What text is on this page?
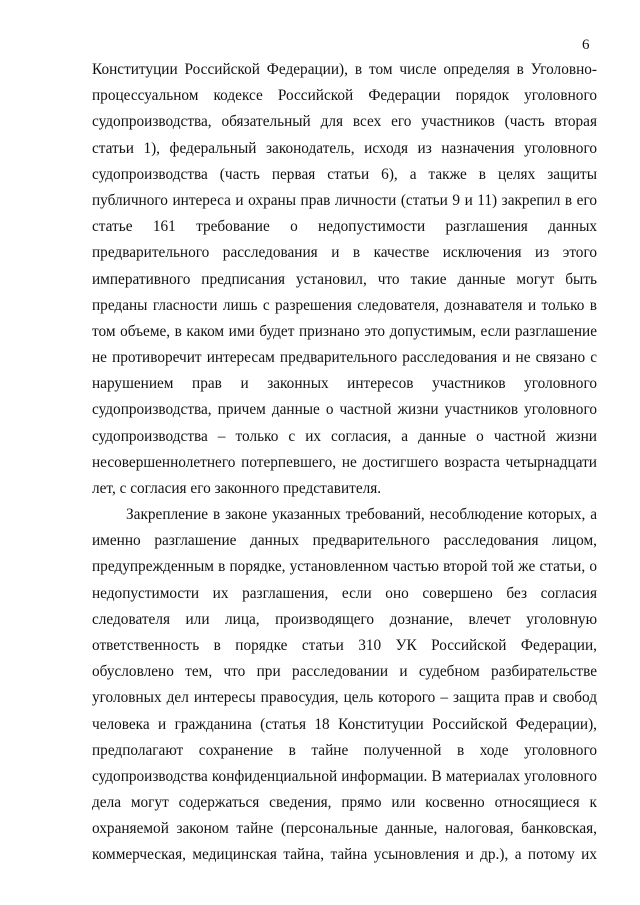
6
Конституции Российской Федерации), в том числе определяя в Уголовно-
процессуальном кодексе Российской Федерации порядок уголовного
судопроизводства, обязательный для всех его участников (часть вторая
статьи 1), федеральный законодатель, исходя из назначения уголовного
судопроизводства (часть первая статьи 6), а также в целях защиты
публичного интереса и охраны прав личности (статьи 9 и 11) закрепил в его
статье 161 требование о недопустимости разглашения данных
предварительного расследования и в качестве исключения из этого
императивного предписания установил, что такие данные могут быть
преданы гласности лишь с разрешения следователя, дознавателя и только в
том объеме, в каком ими будет признано это допустимым, если разглашение
не противоречит интересам предварительного расследования и не связано с
нарушением прав и законных интересов участников уголовного
судопроизводства, причем данные о частной жизни участников уголовного
судопроизводства – только с их согласия, а данные о частной жизни
несовершеннолетнего потерпевшего, не достигшего возраста четырнадцати
лет, с согласия его законного представителя.
Закрепление в законе указанных требований, несоблюдение которых, а
именно разглашение данных предварительного расследования лицом,
предупрежденным в порядке, установленном частью второй той же статьи, о
недопустимости их разглашения, если оно совершено без согласия
следователя или лица, производящего дознание, влечет уголовную
ответственность в порядке статьи 310 УК Российской Федерации,
обусловлено тем, что при расследовании и судебном разбирательстве
уголовных дел интересы правосудия, цель которого – защита прав и свобод
человека и гражданина (статья 18 Конституции Российской Федерации),
предполагают сохранение в тайне полученной в ходе уголовного
судопроизводства конфиденциальной информации. В материалах уголовного
дела могут содержаться сведения, прямо или косвенно относящиеся к
охраняемой законом тайне (персональные данные, налоговая, банковская,
коммерческая, медицинская тайна, тайна усыновления и др.), а потому их
